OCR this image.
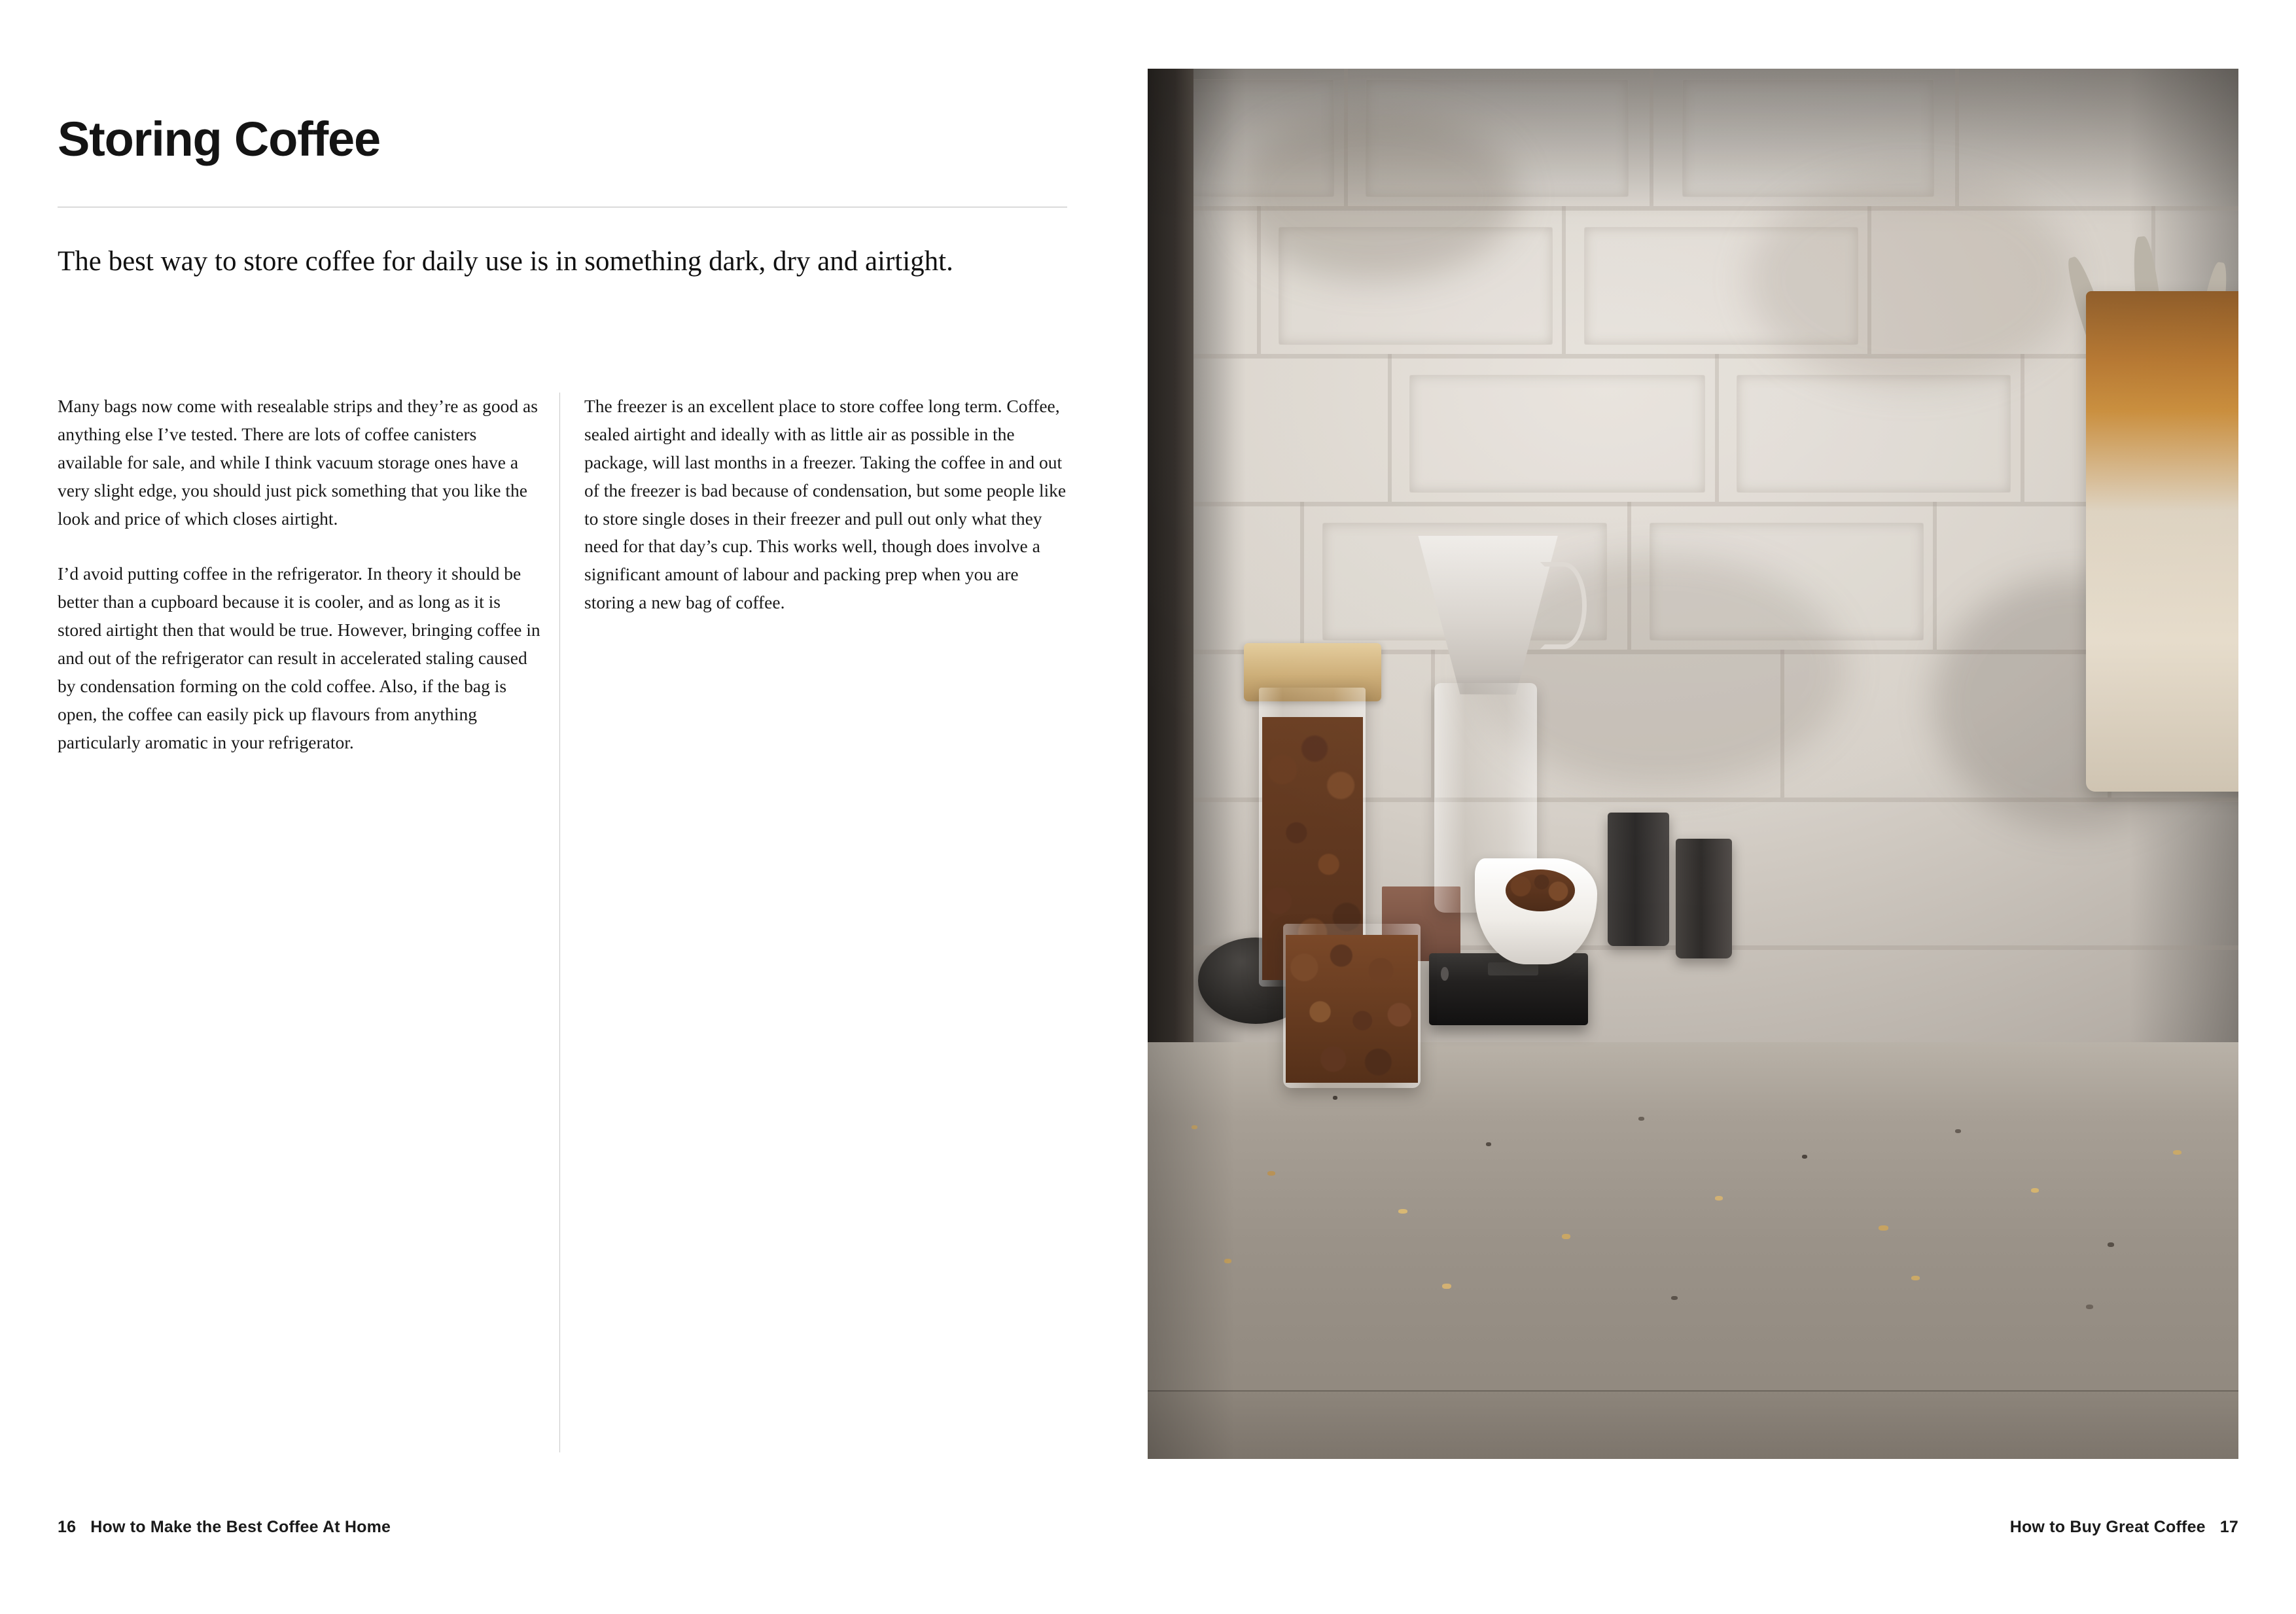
Storing Coffee

The best way to store coffee for daily use is in something dark, dry and airtight.

Many bags now come with resealable strips and they’re as good as anything else I’ve tested. There are lots of coffee canisters available for sale, and while I think vacuum storage ones have a very slight edge, you should just pick something that you like the look and price of which closes airtight.

I’d avoid putting coffee in the refrigerator. In theory it should be better than a cupboard because it is cooler, and as long as it is stored airtight then that would be true. However, bringing coffee in and out of the refrigerator can result in accelerated staling caused by condensation forming on the cold coffee. Also, if the bag is open, the coffee can easily pick up flavours from anything particularly aromatic in your refrigerator.

The freezer is an excellent place to store coffee long term. Coffee, sealed airtight and ideally with as little air as possible in the package, will last months in a freezer. Taking the coffee in and out of the freezer is bad because of condensation, but some people like to store single doses in their freezer and pull out only what they need for that day’s cup. This works well, though does involve a significant amount of labour and packing prep when you are storing a new bag of coffee.

16 How to Make the Best Coffee At Home	How to Buy Great Coffee 17
